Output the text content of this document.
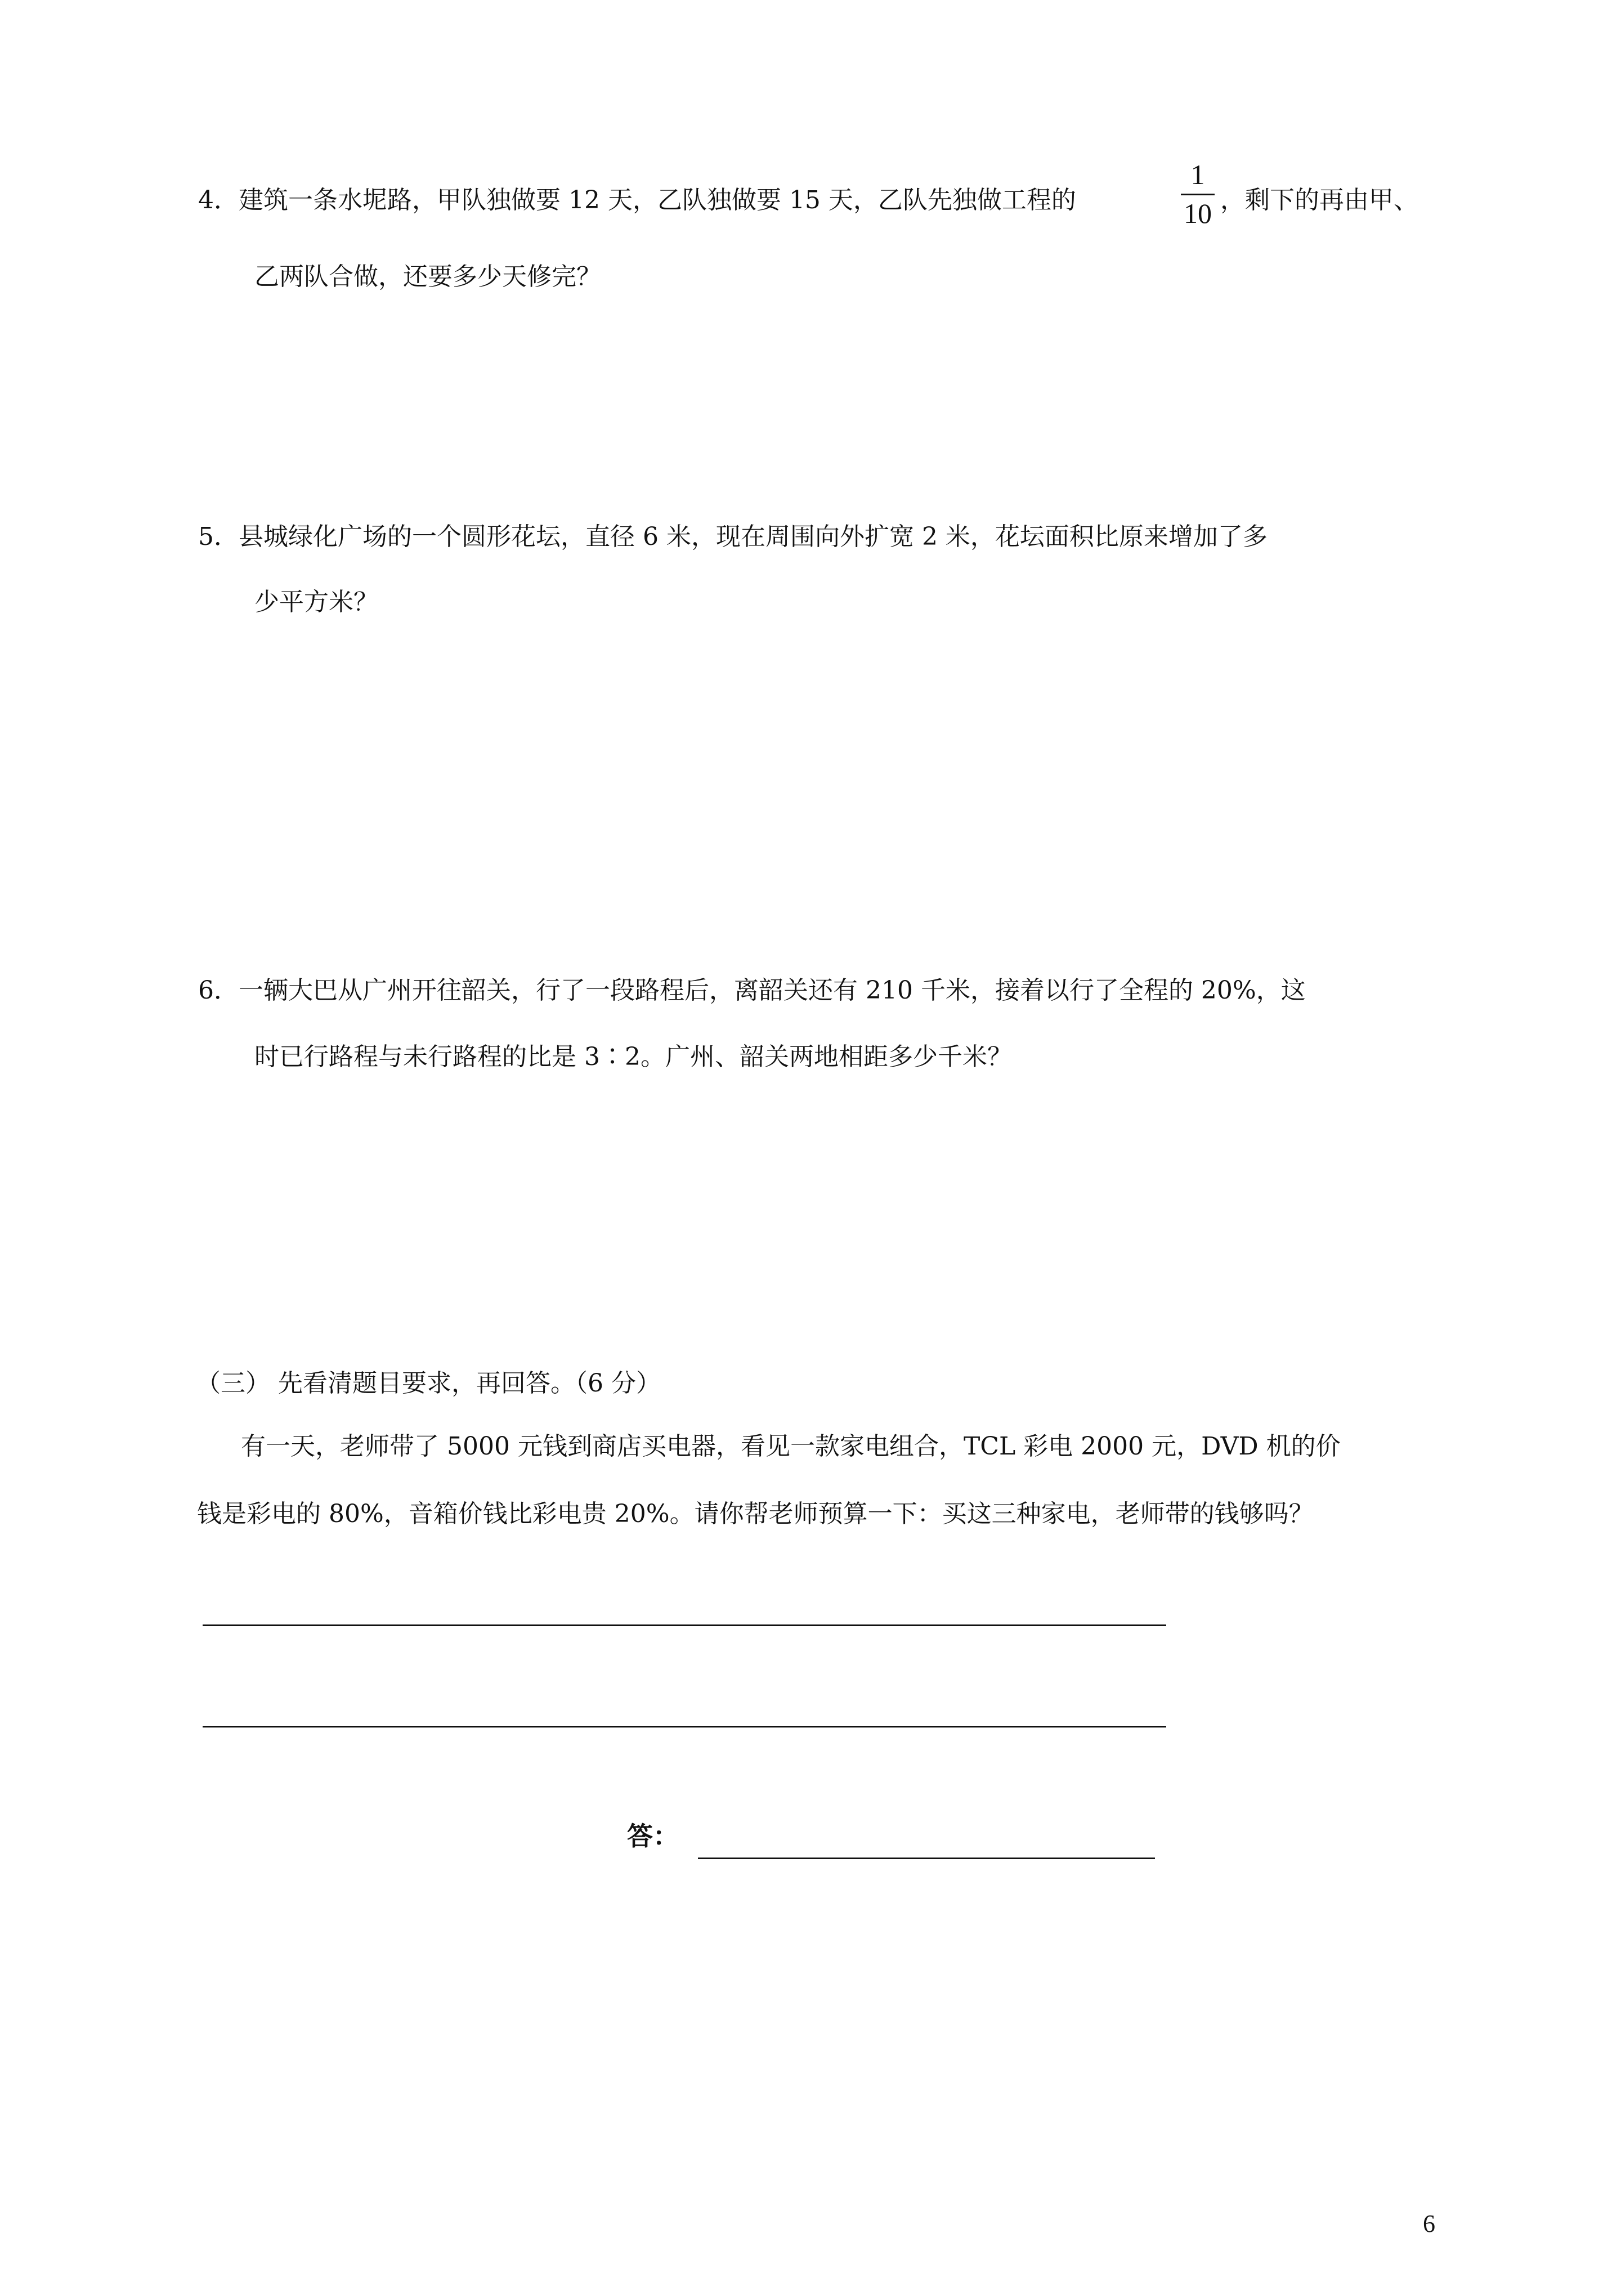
4．建筑一条水坭路，甲队独做要 12 天，乙队独做要 15 天，乙队先独做工程的
1
10 ，剩下的再由甲、
乙两队合做，还要多少天修完？
5．县城绿化广场的一个圆形花坛，直径 6 米，现在周围向外扩宽 2 米，花坛面积比原来增加了多
少平方米？
6．一辆大巴从广州开往韶关，行了一段路程后，离韶关还有 210 千米，接着以行了全程的 20%，这
时已行路程与未行路程的比是 3∶2。广州、韶关两地相距多少千米？
（三） 先看清题目要求，再回答。（6 分）
有一天，老师带了 5000 元钱到商店买电器，看见一款家电组合，TCL 彩电 2000 元，DVD 机的价
钱是彩电的 80%，音箱价钱比彩电贵 20%。请你帮老师预算一下：买这三种家电，老师带的钱够吗？
答：
6
